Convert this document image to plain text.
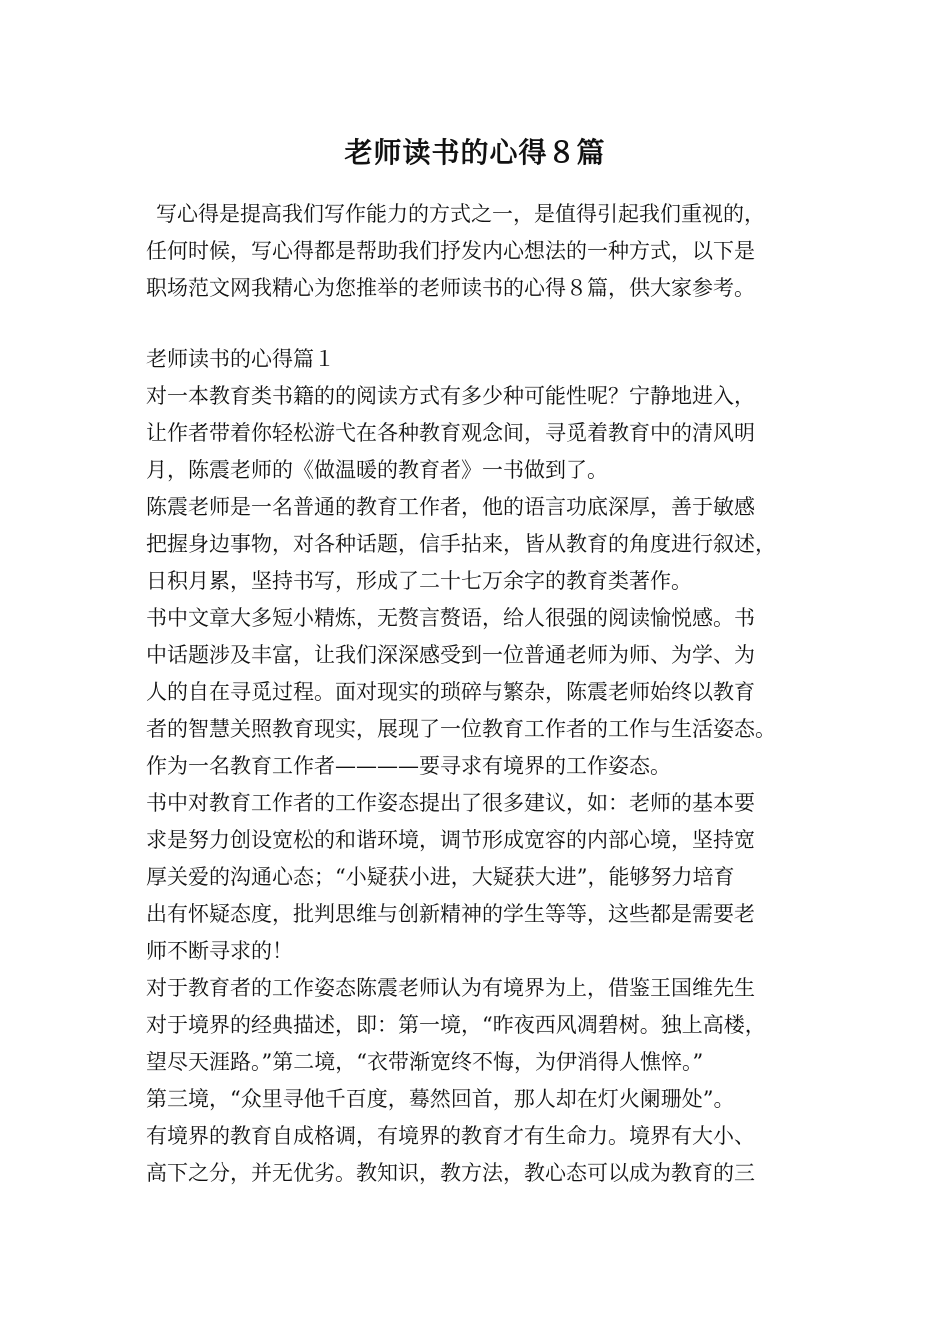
老师读书的心得８篇
写心得是提高我们写作能力的方式之一，是值得引起我们重视的，
任何时候，写心得都是帮助我们抒发内心想法的一种方式，以下是
职场范文网我精心为您推举的老师读书的心得８篇，供大家参考。
老师读书的心得篇１
对一本教育类书籍的的阅读方式有多少种可能性呢？宁静地进入，
让作者带着你轻松游弋在各种教育观念间，寻觅着教育中的清风明
月，陈震老师的《做温暖的教育者》一书做到了。
陈震老师是一名普通的教育工作者，他的语言功底深厚，善于敏感
把握身边事物，对各种话题，信手拈来，皆从教育的角度进行叙述，
日积月累，坚持书写，形成了二十七万余字的教育类著作。
书中文章大多短小精炼，无赘言赘语，给人很强的阅读愉悦感。书
中话题涉及丰富，让我们深深感受到一位普通老师为师、为学、为
人的自在寻觅过程。面对现实的琐碎与繁杂，陈震老师始终以教育
者的智慧关照教育现实，展现了一位教育工作者的工作与生活姿态。
作为一名教育工作者————要寻求有境界的工作姿态。
书中对教育工作者的工作姿态提出了很多建议，如：老师的基本要
求是努力创设宽松的和谐环境，调节形成宽容的内部心境，坚持宽
厚关爱的沟通心态；“小疑获小进，大疑获大进”，能够努力培育
出有怀疑态度，批判思维与创新精神的学生等等，这些都是需要老
师不断寻求的！
对于教育者的工作姿态陈震老师认为有境界为上，借鉴王国维先生
对于境界的经典描述，即：第一境，“昨夜西风凋碧树。独上高楼，
望尽天涯路。”第二境，“衣带渐宽终不悔，为伊消得人憔悴。”
第三境，“众里寻他千百度，蓦然回首，那人却在灯火阑珊处”。
有境界的教育自成格调，有境界的教育才有生命力。境界有大小、
高下之分，并无优劣。教知识，教方法，教心态可以成为教育的三
